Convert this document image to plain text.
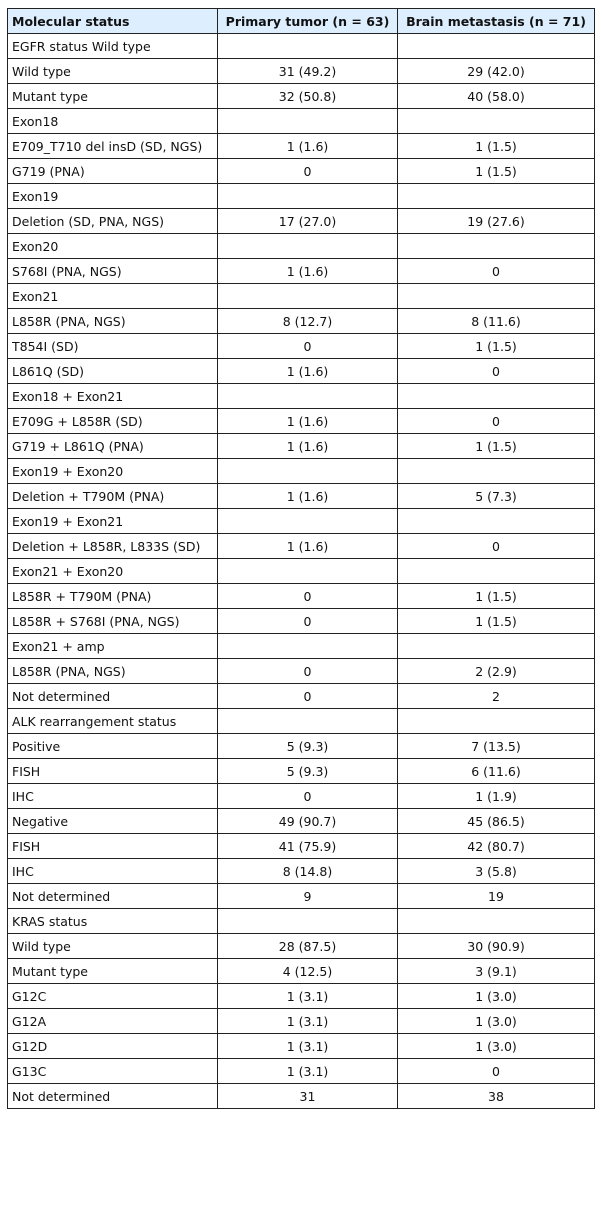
Molecular status	Primary tumor (n = 63)	Brain metastasis (n = 71)
EGFR status Wild type		
Wild type	31 (49.2)	29 (42.0)
Mutant type	32 (50.8)	40 (58.0)
Exon18		
E709_T710 del insD (SD, NGS)	1 (1.6)	1 (1.5)
G719 (PNA)	0	1 (1.5)
Exon19		
Deletion (SD, PNA, NGS)	17 (27.0)	19 (27.6)
Exon20		
S768I (PNA, NGS)	1 (1.6)	0
Exon21		
L858R (PNA, NGS)	8 (12.7)	8 (11.6)
T854I (SD)	0	1 (1.5)
L861Q (SD)	1 (1.6)	0
Exon18 + Exon21		
E709G + L858R (SD)	1 (1.6)	0
G719 + L861Q (PNA)	1 (1.6)	1 (1.5)
Exon19 + Exon20		
Deletion + T790M (PNA)	1 (1.6)	5 (7.3)
Exon19 + Exon21		
Deletion + L858R, L833S (SD)	1 (1.6)	0
Exon21 + Exon20		
L858R + T790M (PNA)	0	1 (1.5)
L858R + S768I (PNA, NGS)	0	1 (1.5)
Exon21 + amp		
L858R (PNA, NGS)	0	2 (2.9)
Not determined	0	2
ALK rearrangement status		
Positive	5 (9.3)	7 (13.5)
FISH	5 (9.3)	6 (11.6)
IHC	0	1 (1.9)
Negative	49 (90.7)	45 (86.5)
FISH	41 (75.9)	42 (80.7)
IHC	8 (14.8)	3 (5.8)
Not determined	9	19
KRAS status		
Wild type	28 (87.5)	30 (90.9)
Mutant type	4 (12.5)	3 (9.1)
G12C	1 (3.1)	1 (3.0)
G12A	1 (3.1)	1 (3.0)
G12D	1 (3.1)	1 (3.0)
G13C	1 (3.1)	0
Not determined	31	38
